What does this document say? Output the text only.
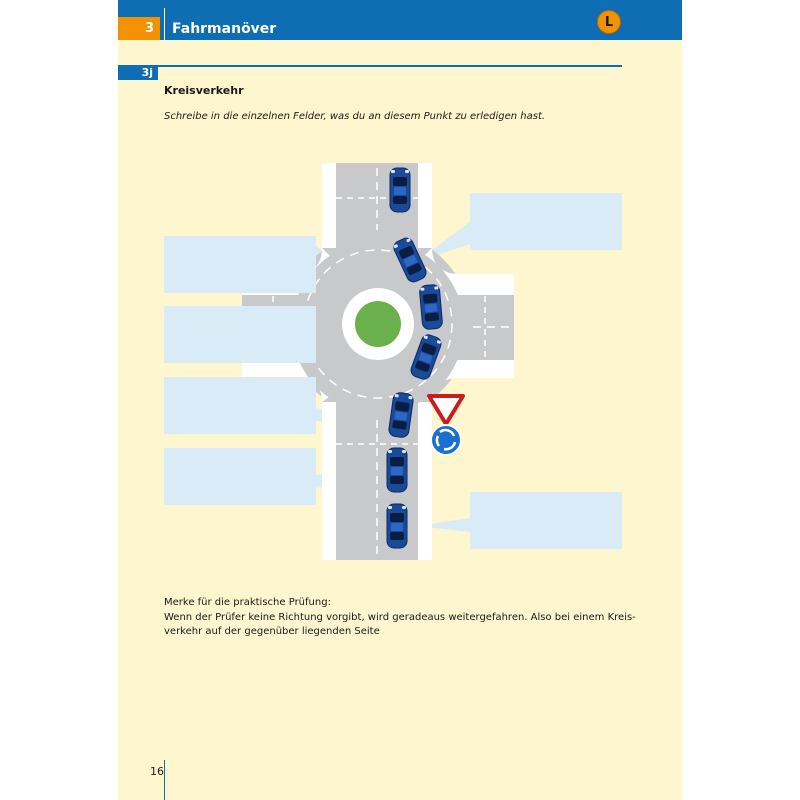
3	Fahrmanöver	L
3j
Kreisverkehr
Schreibe in die einzelnen Felder, was du an diesem Punkt zu erledigen hast.
Merke für die praktische Prüfung:
Wenn der Prüfer keine Richtung vorgibt, wird geradeaus weitergefahren. Also bei einem Kreis-
verkehr auf der gegenüber liegenden Seite
16
